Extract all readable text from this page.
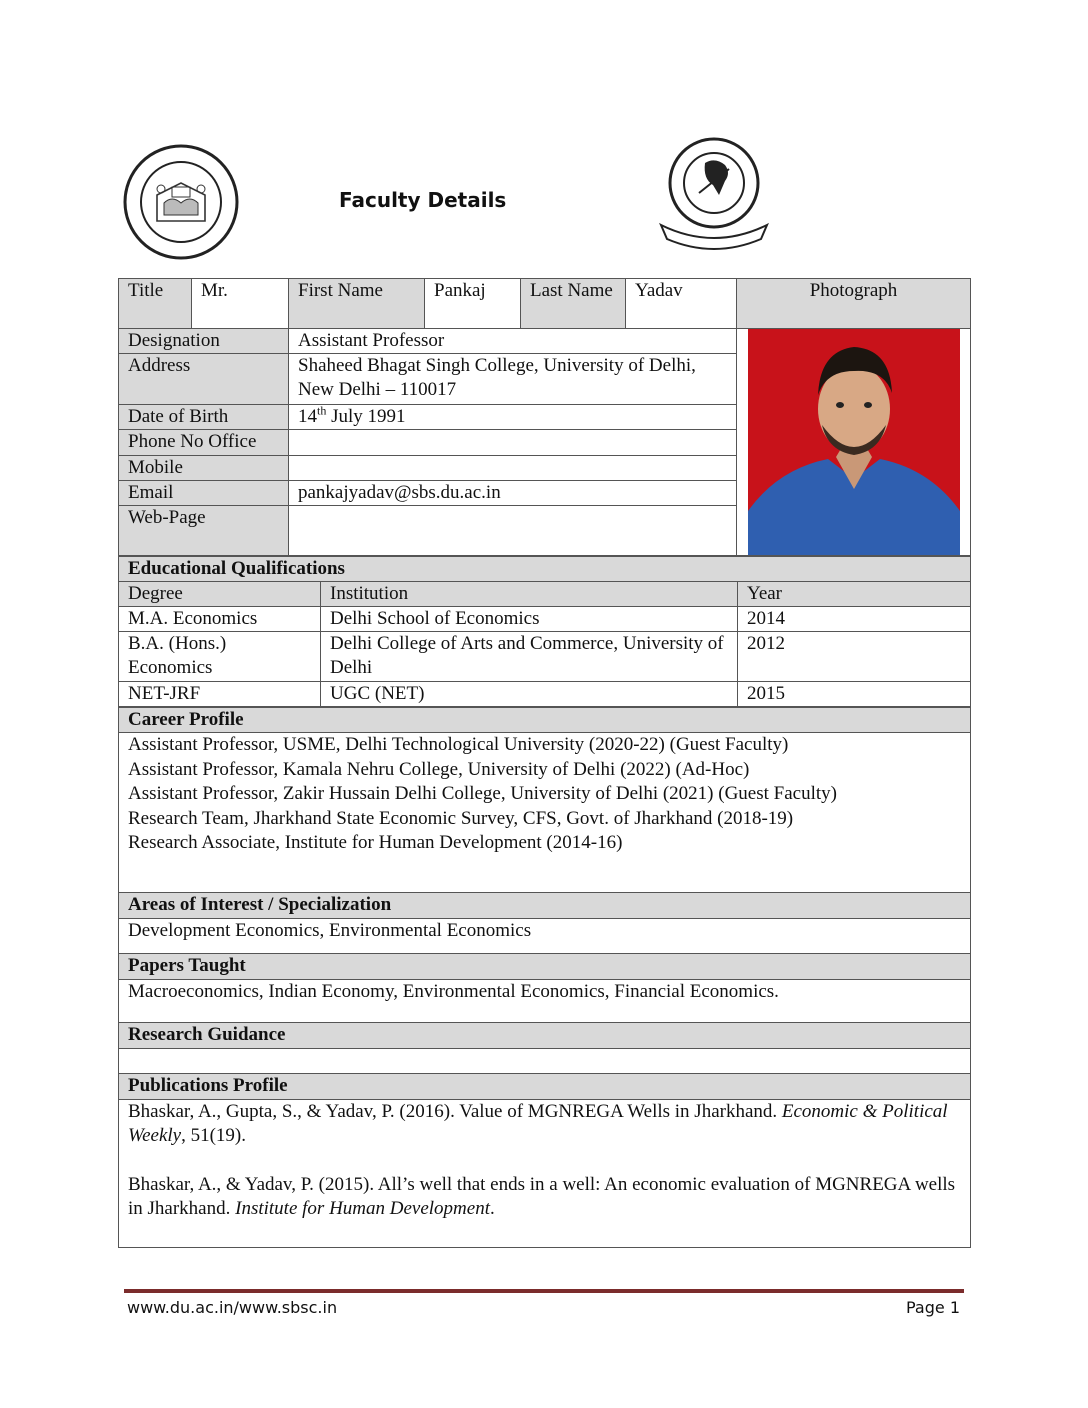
Faculty Details
Title	Mr.	First Name	Pankaj	Last Name	Yadav	Photograph
Designation		Assistant Professor	

Address		Shaheed Bhagat Singh College, University of Delhi, New Delhi – 110017				
Date of Birth		14th July 1991				
Phone No Office						
Mobile						
Email		pankajyadav@sbs.du.ac.in				
Web-Page						
Educational Qualifications		
Degree	Institution	Year
M.A. Economics	Delhi School of Economics	2014
B.A. (Hons.) Economics	Delhi College of Arts and Commerce, University of Delhi	2012
NET-JRF	UGC (NET)	2015
Career Profile

Assistant Professor, USME, Delhi Technological University (2020-22) (Guest Faculty)
Assistant Professor, Kamala Nehru College, University of Delhi (2022) (Ad-Hoc)
Assistant Professor, Zakir Hussain Delhi College, University of Delhi (2021) (Guest Faculty)
Research Team, Jharkhand State Economic Survey, CFS, Govt. of Jharkhand (2018-19)
Research Associate, Institute for Human Development (2014-16)

Areas of Interest / Specialization
Development Economics, Environmental Economics
Papers Taught
Macroeconomics, Indian Economy, Environmental Economics, Financial Economics.
Research Guidance

Publications Profile

Bhaskar, A., Gupta, S., & Yadav, P. (2016). Value of MGNREGA Wells in Jharkhand. Economic & Political Weekly, 51(19).

Bhaskar, A., & Yadav, P. (2015). All’s well that ends in a well: An economic evaluation of MGNREGA wells in Jharkhand. Institute for Human Development.

www.du.ac.in/www.sbsc.in	Page 1
